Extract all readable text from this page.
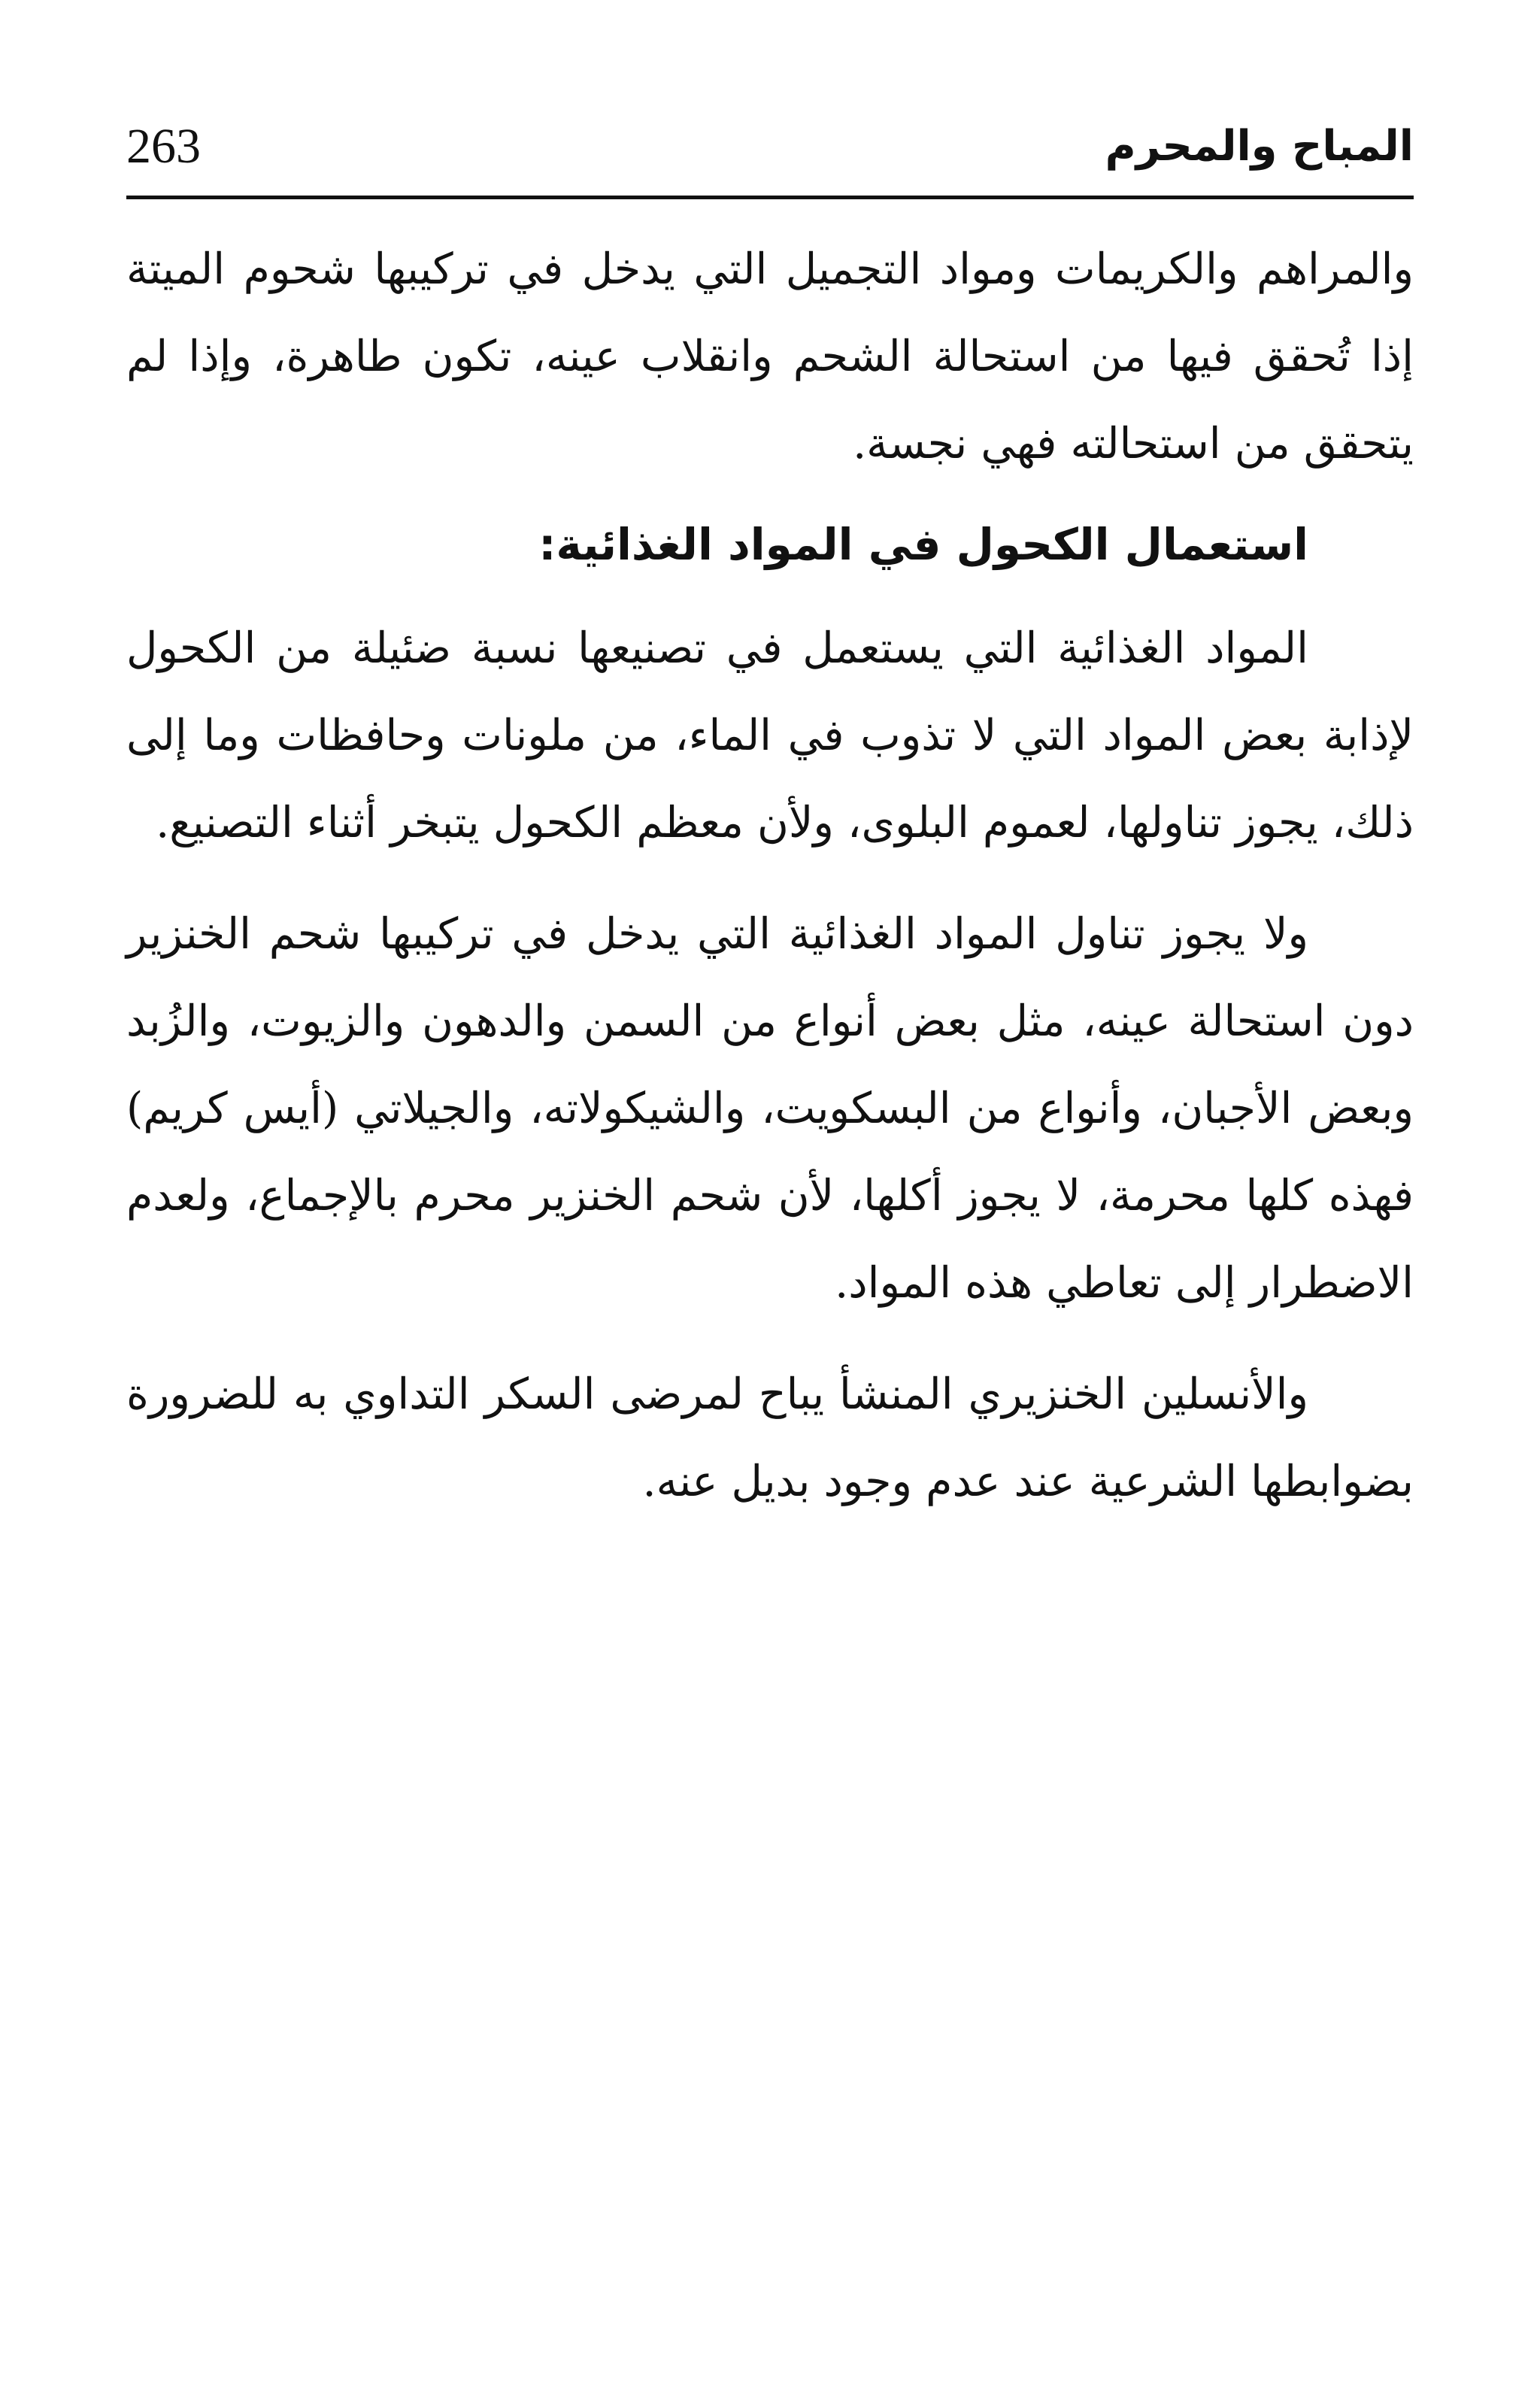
263	المباح والمحرم

والمراهم والكريمات ومواد التجميل التي يدخل في تركيبها شحوم الميتة إذا تُحقق فيها من استحالة الشحم وانقلاب عينه، تكون طاهرة، وإذا لم يتحقق من استحالته فهي نجسة.

استعمال الكحول في المواد الغذائية:

المواد الغذائية التي يستعمل في تصنيعها نسبة ضئيلة من الكحول لإذابة بعض المواد التي لا تذوب في الماء، من ملونات وحافظات وما إلى ذلك، يجوز تناولها، لعموم البلوى، ولأن معظم الكحول يتبخر أثناء التصنيع.

ولا يجوز تناول المواد الغذائية التي يدخل في تركيبها شحم الخنزير دون استحالة عينه، مثل بعض أنواع من السمن والدهون والزيوت، والزُبد وبعض الأجبان، وأنواع من البسكويت، والشيكولاته، والجيلاتي (أيس كريم) فهذه كلها محرمة، لا يجوز أكلها، لأن شحم الخنزير محرم بالإجماع، ولعدم الاضطرار إلى تعاطي هذه المواد.

والأنسلين الخنزيري المنشأ يباح لمرضى السكر التداوي به للضرورة بضوابطها الشرعية عند عدم وجود بديل عنه.
